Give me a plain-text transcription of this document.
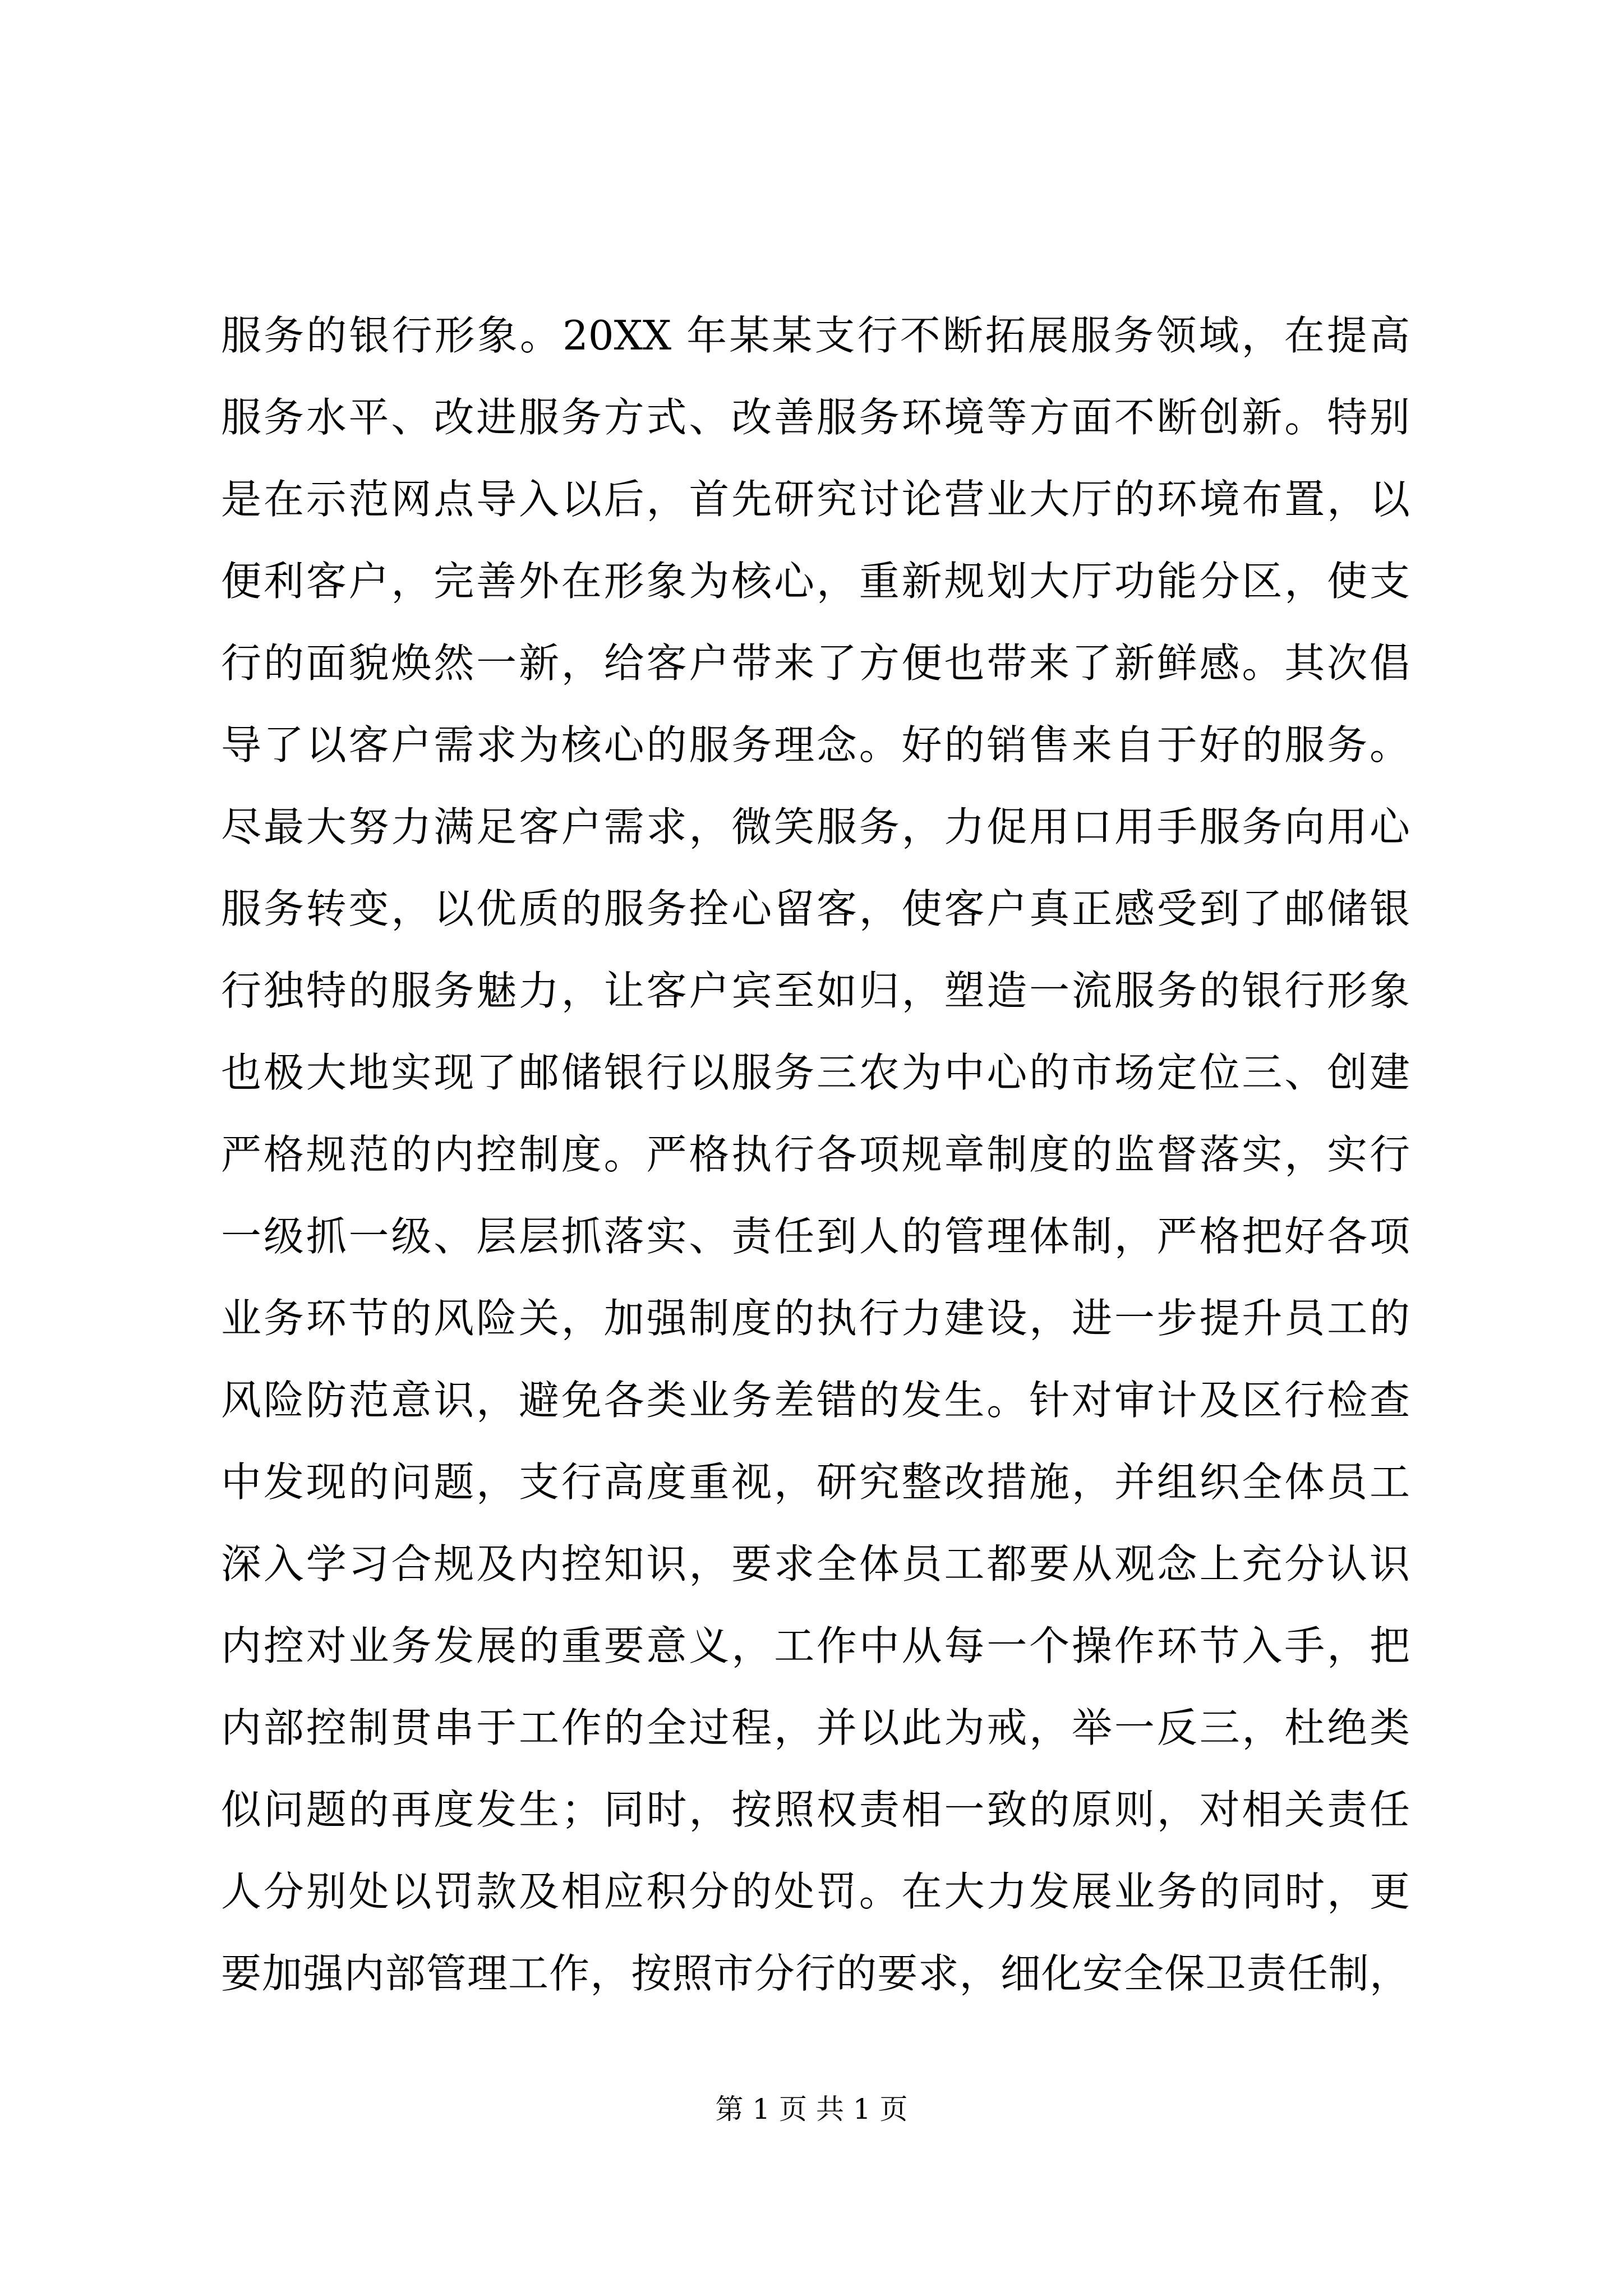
服务的银行形象。20XX 年某某支行不断拓展服务领域，在提高
服务水平、改进服务方式、改善服务环境等方面不断创新。特别
是在示范网点导入以后，首先研究讨论营业大厅的环境布置，以
便利客户，完善外在形象为核心，重新规划大厅功能分区，使支
行的面貌焕然一新，给客户带来了方便也带来了新鲜感。其次倡
导了以客户需求为核心的服务理念。好的销售来自于好的服务。
尽最大努力满足客户需求，微笑服务，力促用口用手服务向用心
服务转变，以优质的服务拴心留客，使客户真正感受到了邮储银
行独特的服务魅力，让客户宾至如归，塑造一流服务的银行形象
也极大地实现了邮储银行以服务三农为中心的市场定位三、创建
严格规范的内控制度。严格执行各项规章制度的监督落实，实行
一级抓一级、层层抓落实、责任到人的管理体制，严格把好各项
业务环节的风险关，加强制度的执行力建设，进一步提升员工的
风险防范意识，避免各类业务差错的发生。针对审计及区行检查
中发现的问题，支行高度重视，研究整改措施，并组织全体员工
深入学习合规及内控知识，要求全体员工都要从观念上充分认识
内控对业务发展的重要意义，工作中从每一个操作环节入手，把
内部控制贯串于工作的全过程，并以此为戒，举一反三，杜绝类
似问题的再度发生；同时，按照权责相一致的原则，对相关责任
人分别处以罚款及相应积分的处罚。在大力发展业务的同时，更
要加强内部管理工作，按照市分行的要求，细化安全保卫责任制，
第 1 页 共 1 页
